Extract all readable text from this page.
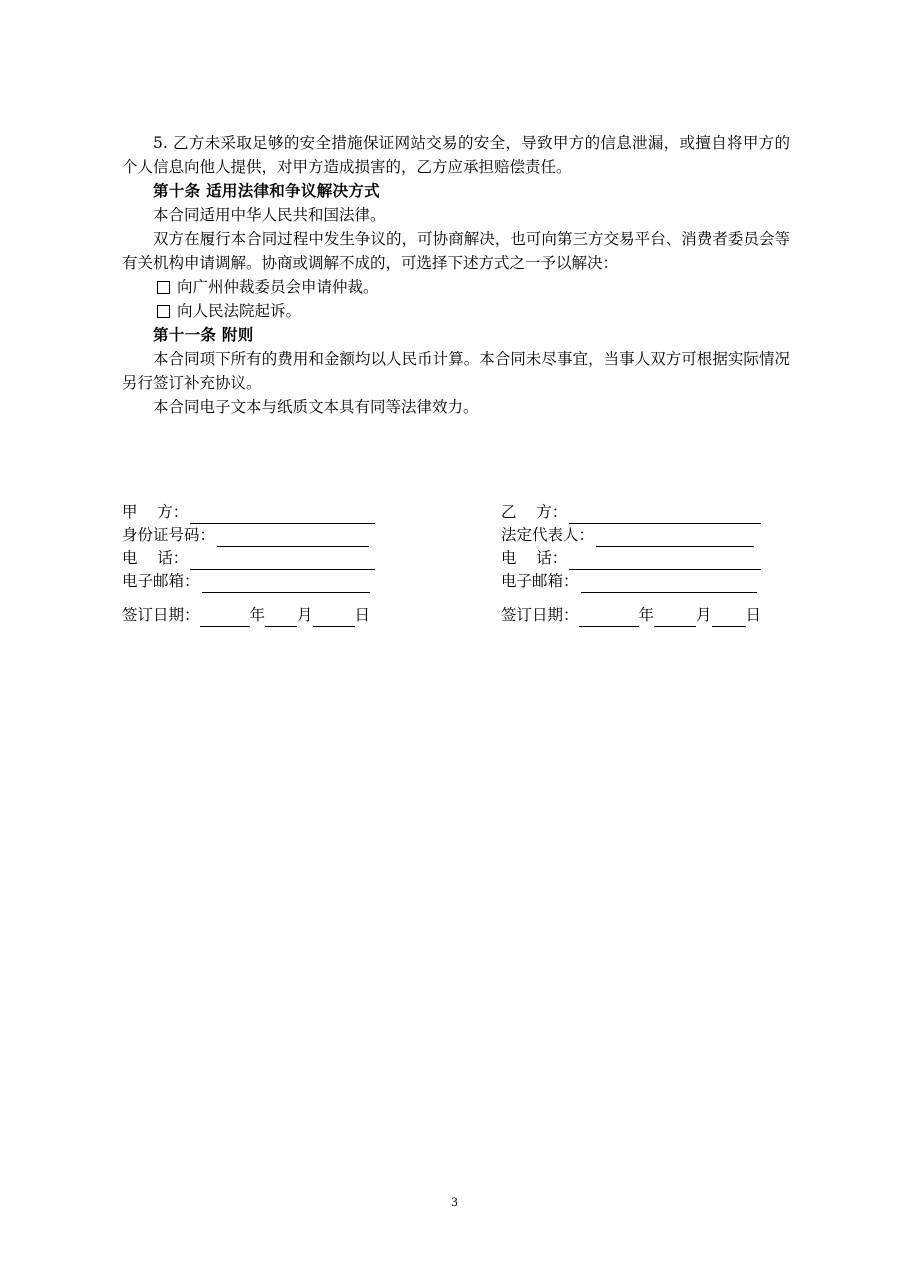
5. 乙方未采取足够的安全措施保证网站交易的安全，导致甲方的信息泄漏，或擅自将甲方的个人信息向他人提供，对甲方造成损害的，乙方应承担赔偿责任。

第十条 适用法律和争议解决方式

本合同适用中华人民共和国法律。

双方在履行本合同过程中发生争议的，可协商解决，也可向第三方交易平台、消费者委员会等有关机构申请调解。协商或调解不成的，可选择下述方式之一予以解决：

向广州仲裁委员会申请仲裁。

向人民法院起诉。

第十一条 附则

本合同项下所有的费用和金额均以人民币计算。本合同未尽事宜，当事人双方可根据实际情况另行签订补充协议。

本合同电子文本与纸质文本具有同等法律效力。

甲    方：
身份证号码：
电    话：
电子邮箱：
签订日期：	年 月	日
乙    方：
法定代表人：
电    话：
电子邮箱：
签订日期：	年	月 日
3
